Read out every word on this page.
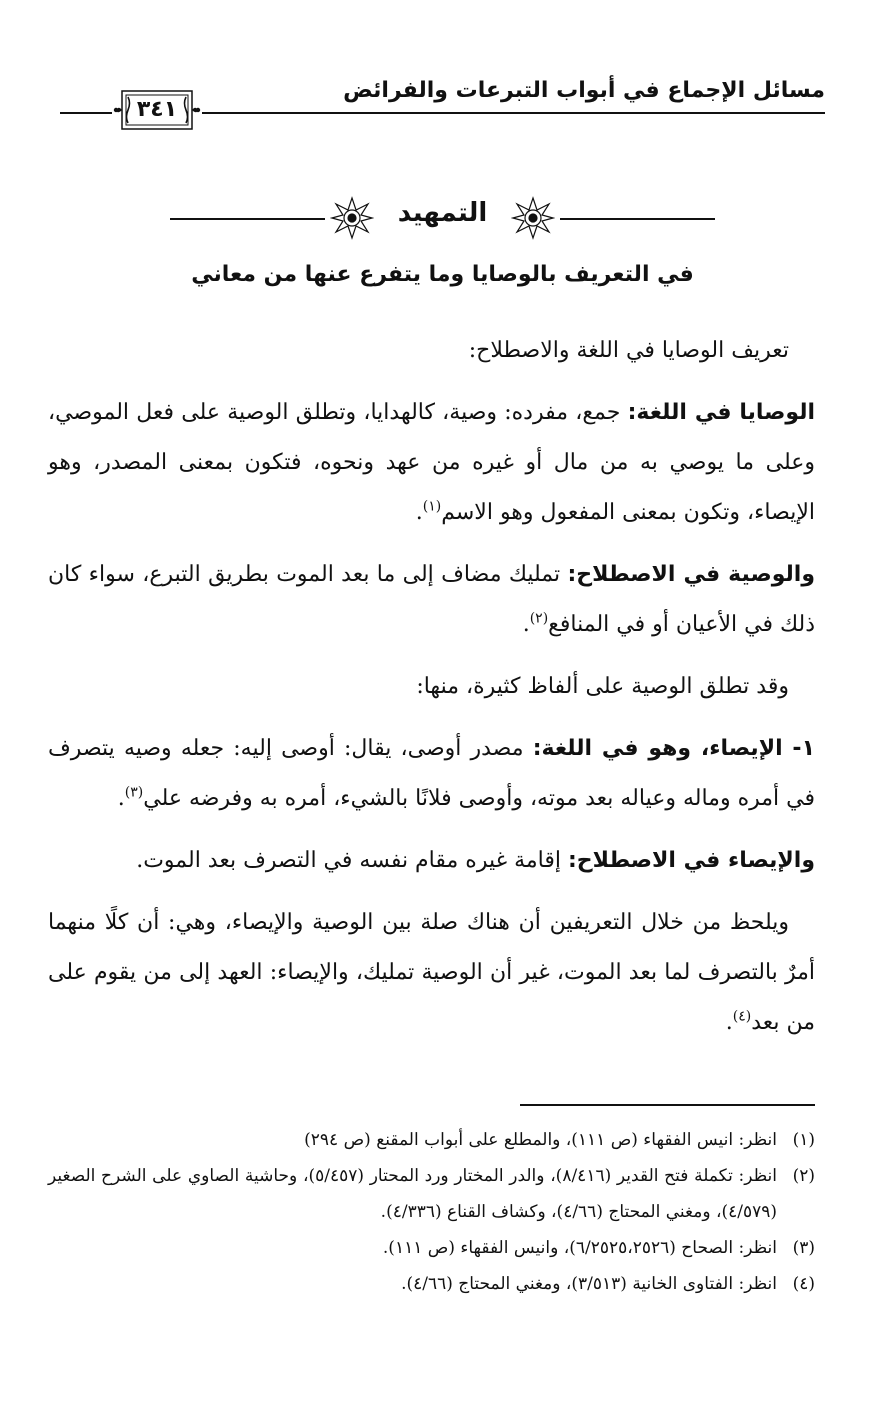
مسائل الإجماع في أبواب التبرعات والفرائض
٣٤١
التمهيد
في التعريف بالوصايا وما يتفرع عنها من معاني

تعريف الوصايا في اللغة والاصطلاح:

الوصايا في اللغة: جمع، مفرده: وصية، كالهدايا، وتطلق الوصية على فعل الموصي، وعلى ما يوصي به من مال أو غيره من عهد ونحوه، فتكون بمعنى المصدر، وهو الإيصاء، وتكون بمعنى المفعول وهو الاسم$^{(١)}$.

والوصية في الاصطلاح: تمليك مضاف إلى ما بعد الموت بطريق التبرع، سواء كان ذلك في الأعيان أو في المنافع$^{(٢)}$.

وقد تطلق الوصية على ألفاظ كثيرة، منها:

١- الإيصاء، وهو في اللغة: مصدر أوصى، يقال: أوصى إليه: جعله وصيه يتصرف في أمره وماله وعياله بعد موته، وأوصى فلانًا بالشيء، أمره به وفرضه علي$^{(٣)}$.

والإيصاء في الاصطلاح: إقامة غيره مقام نفسه في التصرف بعد الموت.

ويلحظ من خلال التعريفين أن هناك صلة بين الوصية والإيصاء، وهي: أن كلًا منهما أمرٌ بالتصرف لما بعد الموت، غير أن الوصية تمليك، والإيصاء: العهد إلى من يقوم على من بعد$^{(٤)}$.

(١)
انظر: انيس الفقهاء (ص ١١١)، والمطلع على أبواب المقنع (ص ٢٩٤)

(٢)
انظر: تكملة فتح القدير (٨/٤١٦)، والدر المختار ورد المحتار (٥/٤٥٧)، وحاشية الصاوي على الشرح الصغير (٤/٥٧٩)، ومغني المحتاج (٤/٦٦)، وكشاف القناع (٤/٣٣٦).

(٣)
انظر: الصحاح (٦/٢٥٢٥،٢٥٢٦)، وانيس الفقهاء (ص ١١١).

(٤)
انظر: الفتاوى الخانية (٣/٥١٣)، ومغني المحتاج (٤/٦٦).
